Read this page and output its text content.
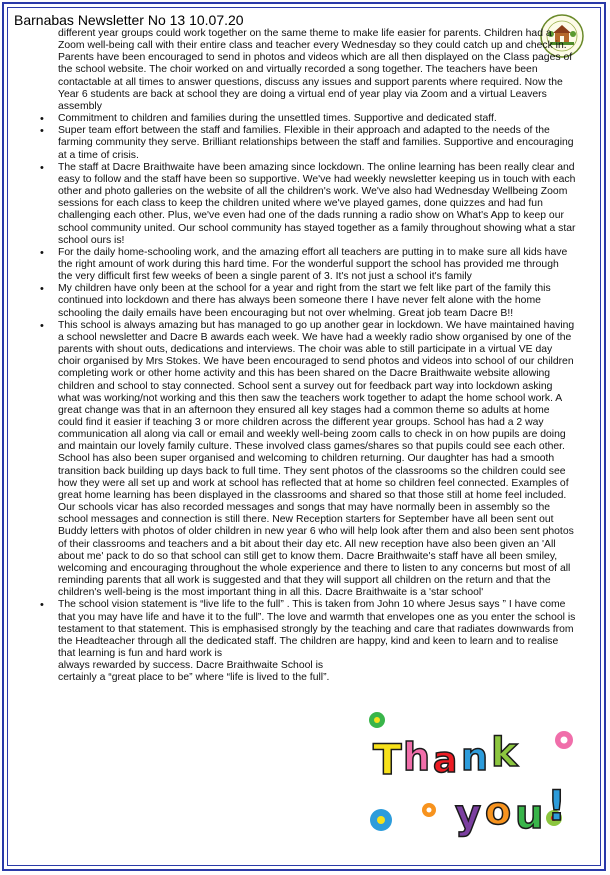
Barnabas Newsletter No 13 10.07.20

different year groups could work together on the same theme to make life easier for parents. Children had a Zoom well-being call with their entire class and teacher every Wednesday so they could catch up and check in. Parents have been encouraged to send in photos and videos which are all then displayed on the Class pages of the school website. The choir worked on and virtually recorded a song together. The teachers have been contactable at all times to answer questions, discuss any issues and support parents where required. Now the Year 6 students are back at school they are doing a virtual end of year play via Zoom and a virtual Leavers assembly

• Commitment to children and families during the unsettled times. Supportive and dedicated staff.
• Super team effort between the staff and families. Flexible in their approach and adapted to the needs of the farming community they serve. Brilliant relationships between the staff and families. Supportive and encouraging at a time of crisis.
• The staff at Dacre Braithwaite have been amazing since lockdown. The online learning has been really clear and easy to follow and the staff have been so supportive. We've had weekly newsletter keeping us in touch with each other and photo galleries on the website of all the children's work. We've also had Wednesday Wellbeing Zoom sessions for each class to keep the children united where we've played games, done quizzes and had fun challenging each other. Plus, we've even had one of the dads running a radio show on What's App to keep our school community united. Our school community has stayed together as a family throughout showing what a star school ours is!
• For the daily home-schooling work, and the amazing effort all teachers are putting in to make sure all kids have the right amount of work during this hard time. For the wonderful support the school has provided me through the very difficult first few weeks of been a single parent of 3. It's not just a school it's family
• My children have only been at the school for a year and right from the start we felt like part of the family this continued into lockdown and there has always been someone there I have never felt alone with the home schooling the daily emails have been encouraging but not over whelming. Great job team Dacre B!!
• This school is always amazing but has managed to go up another gear in lockdown. We have maintained having a school newsletter and Dacre B awards each week. We have had a weekly radio show organised by one of the parents with shout outs, dedications and interviews. The choir was able to still participate in a virtual VE day choir organised by Mrs Stokes. We have been encouraged to send photos and videos into school of our children completing work or other home activity and this has been shared on the Dacre Braithwaite website allowing children and school to stay connected. School sent a survey out for feedback part way into lockdown asking what was working/not working and this then saw the teachers work together to adapt the home school work. A great change was that in an afternoon they ensured all key stages had a common theme so adults at home could find it easier if teaching 3 or more children across the different year groups. School has had a 2 way communication all along via call or email and weekly well-being zoom calls to check in on how pupils are doing and maintain our lovely family culture. These involved class games/shares so that pupils could see each other. School has also been super organised and welcoming to children returning. Our daughter has had a smooth transition back building up days back to full time. They sent photos of the classrooms so the children could see how they were all set up and work at school has reflected that at home so children feel connected. Examples of great home learning has been displayed in the classrooms and shared so that those still at home feel included. Our schools vicar has also recorded messages and songs that may have normally been in assembly so the school messages and connection is still there. New Reception starters for September have all been sent out Buddy letters with photos of older children in new year 6 who will help look after them and also been sent photos of their classrooms and teachers and a bit about their day etc. All new reception have also been given an 'All about me' pack to do so that school can still get to know them. Dacre Braithwaite's staff have all been smiley, welcoming and encouraging throughout the whole experience and there to listen to any concerns but most of all reminding parents that all work is suggested and that they will support all children on the return and that the children's well-being is the most important thing in all this. Dacre Braithwaite is a 'star school'
• The school vision statement is “live life to the full” . This is taken from John 10 where Jesus says ” I have come that you may have life and have it to the full”. The love and warmth that envelopes one as you enter the school is testament to that statement. This is emphasised strongly by the teaching and care that radiates downwards from the Headteacher through all the dedicated staff. The children are happy, kind and keen to learn and to realise that learning is fun and hard work is
always rewarded by success. Dacre Braithwaite School is certainly a “great place to be” where “life is lived to the full”.
T h a n k
y o u !
